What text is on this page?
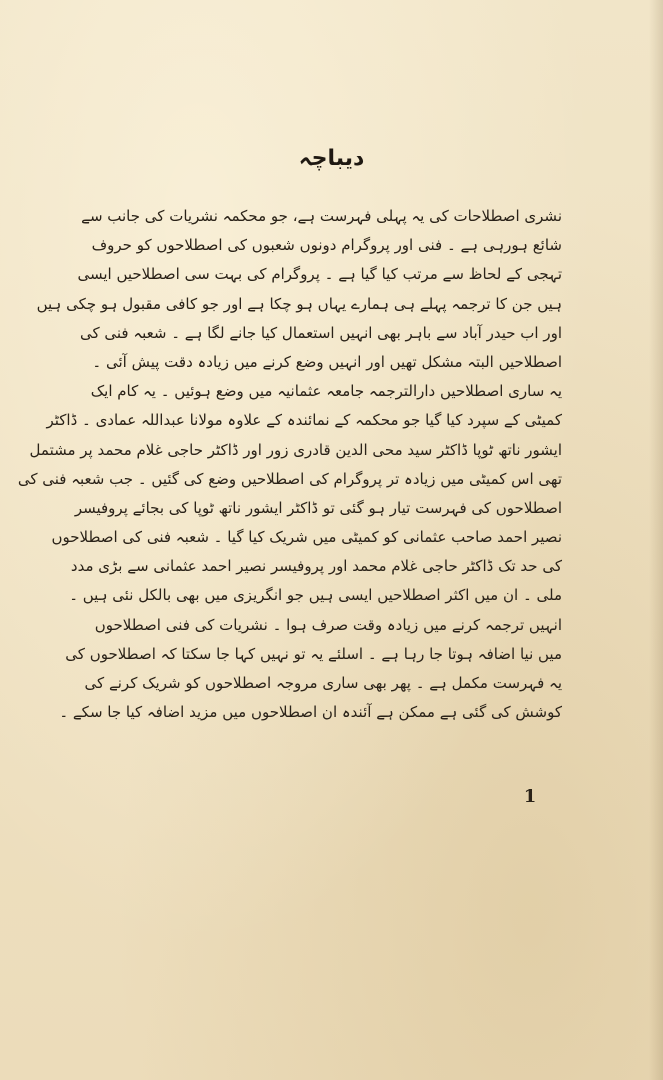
دیباچہ
نشری اصطلاحات کی یہ پہلی فہرست ہے، جو محکمہ نشریات کی جانب سے
شائع ہورہی ہے ۔ فنی اور پروگرام دونوں شعبوں کی اصطلاحوں کو حروف
تہجی کے لحاظ سے مرتب کیا گیا ہے ۔ پروگرام کی بہت سی اصطلاحیں ایسی
ہیں جن کا ترجمہ پہلے ہی ہمارے یہاں ہو چکا ہے اور جو کافی مقبول ہو چکی ہیں
اور اب حیدر آباد سے باہر بھی انہیں استعمال کیا جانے لگا ہے ۔ شعبہ فنی کی
اصطلاحیں البتہ مشکل تھیں اور انہیں وضع کرنے میں زیادہ دقت پیش آئی ۔
یہ ساری اصطلاحیں دارالترجمہ جامعہ عثمانیہ میں وضع ہوئیں ۔ یہ کام ایک
کمیٹی کے سپرد کیا گیا جو محکمہ کے نمائندہ کے علاوہ مولانا عبداللہ عمادی ۔ ڈاکٹر
ایشور ناتھ ٹوپا ڈاکٹر سید محی الدین قادری زور اور ڈاکٹر حاجی غلام محمد پر مشتمل
تھی اس کمیٹی میں زیادہ تر پروگرام کی اصطلاحیں وضع کی گئیں ۔ جب شعبہ فنی کی
اصطلاحوں کی فہرست تیار ہو گئی تو ڈاکٹر ایشور ناتھ ٹوپا کی بجائے پروفیسر
نصیر احمد صاحب عثمانی کو کمیٹی میں شریک کیا گیا ۔ شعبہ فنی کی اصطلاحوں
کی حد تک ڈاکٹر حاجی غلام محمد اور پروفیسر نصیر احمد عثمانی سے بڑی مدد
ملی ۔ ان میں اکثر اصطلاحیں ایسی ہیں جو انگریزی میں بھی بالکل نئی ہیں ۔
انہیں ترجمہ کرنے میں زیادہ وقت صرف ہوا ۔ نشریات کی فنی اصطلاحوں
میں نیا اضافہ ہوتا جا رہا ہے ۔ اسلئے یہ تو نہیں کہا جا سکتا کہ اصطلاحوں کی
یہ فہرست مکمل ہے ۔ پھر بھی ساری مروجہ اصطلاحوں کو شریک کرنے کی
کوشش کی گئی ہے ممکن ہے آئندہ ان اصطلاحوں میں مزید اضافہ کیا جا سکے ۔
1
